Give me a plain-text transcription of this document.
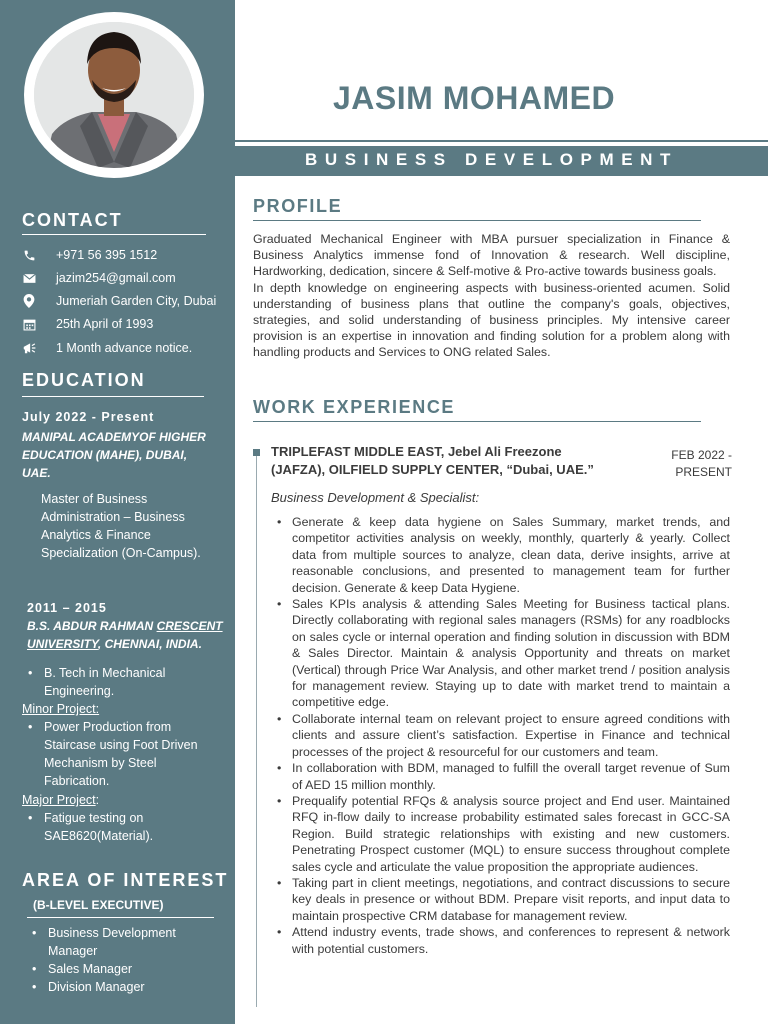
BUSINESS DEVELOPMENT
JASIM MOHAMED
CONTACT
+971 56 395 1512
jazim254@gmail.com
Jumeriah Garden City, Dubai
25th April of 1993
1 Month advance notice.
EDUCATION
July 2022 - Present
MANIPAL ACADEMYOF HIGHER
EDUCATION (MAHE), DUBAI,
UAE.
Master of Business Administration – Business Analytics & Finance Specialization (On-Campus).
2011 – 2015
B.S. ABDUR RAHMAN CRESCENT
UNIVERSITY, CHENNAI, INDIA.
• B. Tech in Mechanical Engineering.
Minor Project:
• Power Production from Staircase using Foot Driven Mechanism by Steel Fabrication.
Major Project:
• Fatigue testing on SAE8620(Material).
AREA OF INTEREST
(B-LEVEL EXECUTIVE)
• Business Development Manager
• Sales Manager
• Division Manager
PROFILE

Graduated Mechanical Engineer with MBA pursuer specialization in Finance & Business Analytics immense fond of Innovation & research. Well discipline, Hardworking, dedication, sincere & Self-motive & Pro-active towards business goals.

In depth knowledge on engineering aspects with business-oriented acumen. Solid understanding of business plans that outline the company's goals, objectives, strategies, and solid understanding of business principles. My intensive career provision is an expertise in innovation and finding solution for a problem along with handling products and Services to ONG related Sales.

WORK EXPERIENCE
TRIPLEFAST MIDDLE EAST, Jebel Ali Freezone
(JAFZA), OILFIELD SUPPLY CENTER, “Dubai, UAE.”
FEB 2022 -
PRESENT
Business Development & Specialist:
• Generate & keep data hygiene on Sales Summary, market trends, and competitor activities analysis on weekly, monthly, quarterly & yearly. Collect data from multiple sources to analyze, clean data, derive insights, arrive at reasonable conclusions, and presented to management team for further decision. Generate & keep Data Hygiene.
• Sales KPIs analysis & attending Sales Meeting for Business tactical plans. Directly collaborating with regional sales managers (RSMs) for any roadblocks on sales cycle or internal operation and finding solution in discussion with BDM & Sales Director. Maintain & analysis Opportunity and threats on market (Vertical) through Price War Analysis, and other market trend / position analysis for management review. Staying up to date with market trend to maintain a competitive edge.
• Collaborate internal team on relevant project to ensure agreed conditions with clients and assure client’s satisfaction. Expertise in Finance and technical processes of the project & resourceful for our customers and team.
• In collaboration with BDM, managed to fulfill the overall target revenue of Sum of AED 15 million monthly.
• Prequalify potential RFQs & analysis source project and End user. Maintained RFQ in-flow daily to increase probability estimated sales forecast in GCC-SA Region. Build strategic relationships with existing and new customers. Penetrating Prospect customer (MQL) to ensure success throughout complete sales cycle and articulate the value proposition the appropriate audiences.
• Taking part in client meetings, negotiations, and contract discussions to secure key deals in presence or without BDM. Prepare visit reports, and input data to maintain prospective CRM database for management review.
• Attend industry events, trade shows, and conferences to represent & network with potential customers.
